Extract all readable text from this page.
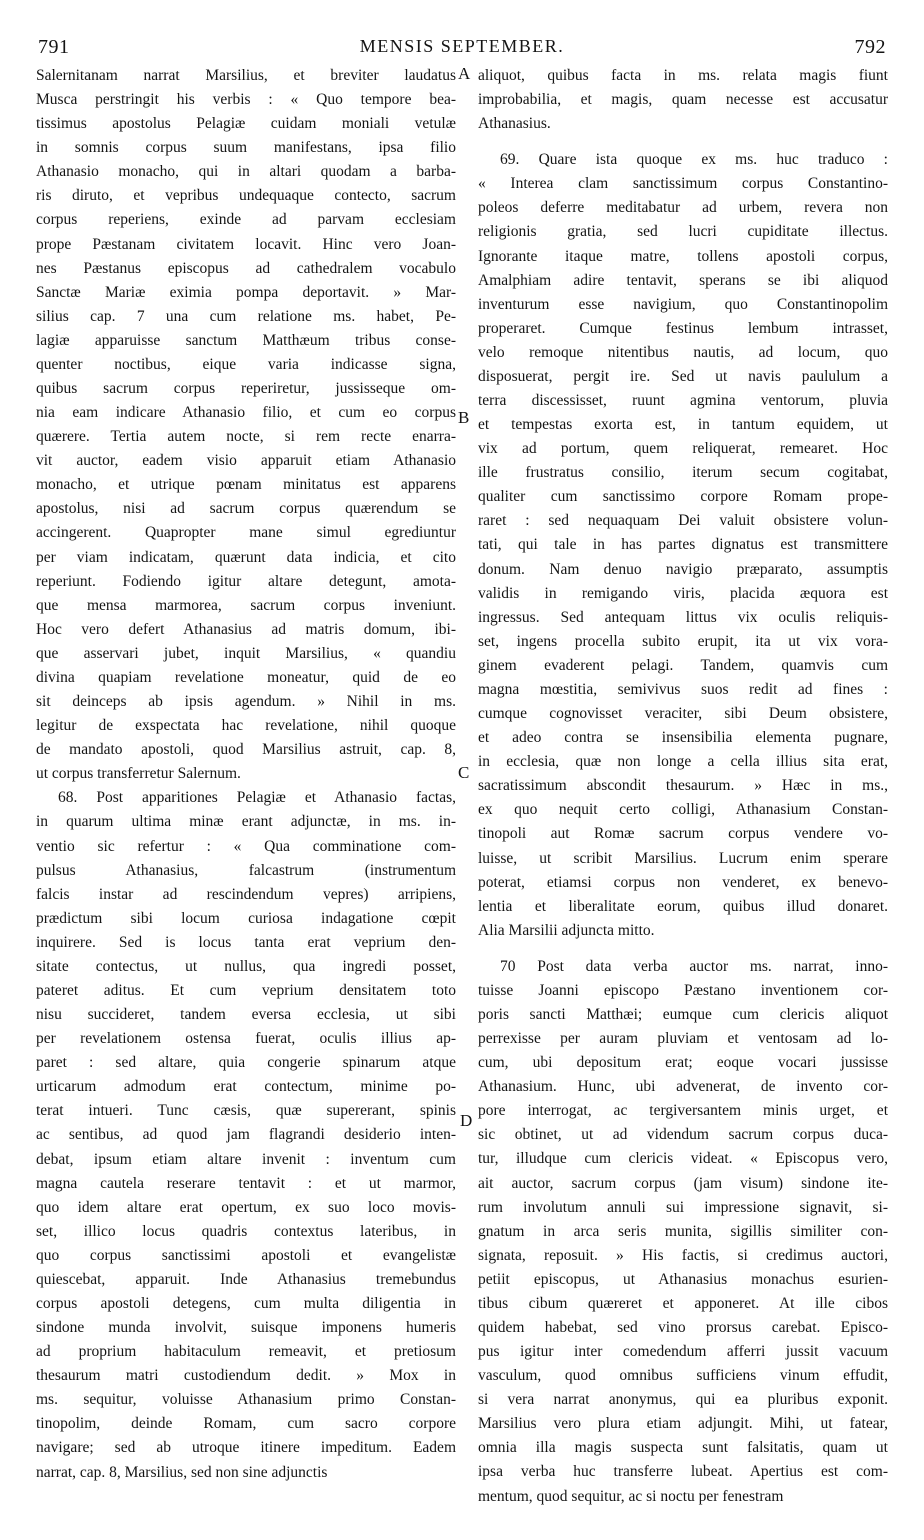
791	MENSIS SEPTEMBER.	792
A
B
C
D
Salernitanam narrat Marsilius, et breviter laudatus
Musca perstringit his verbis : « Quo tempore bea-
tissimus apostolus Pelagiæ cuidam moniali vetulæ
in somnis corpus suum manifestans, ipsa filio
Athanasio monacho, qui in altari quodam a barba-
ris diruto, et vepribus undequaque contecto, sacrum
corpus reperiens, exinde ad parvam ecclesiam
prope Pæstanam civitatem locavit. Hinc vero Joan-
nes Pæstanus episcopus ad cathedralem vocabulo
Sanctæ Mariæ eximia pompa deportavit. » Mar-
silius cap. 7 una cum relatione ms. habet, Pe-
lagiæ apparuisse sanctum Matthæum tribus conse-
quenter noctibus, eique varia indicasse signa,
quibus sacrum corpus reperiretur, jussisseque om-
nia eam indicare Athanasio filio, et cum eo corpus
quærere. Tertia autem nocte, si rem recte enarra-
vit auctor, eadem visio apparuit etiam Athanasio
monacho, et utrique pœnam minitatus est apparens
apostolus, nisi ad sacrum corpus quærendum se
accingerent. Quapropter mane simul egrediuntur
per viam indicatam, quærunt data indicia, et cito
reperiunt. Fodiendo igitur altare detegunt, amota-
que mensa marmorea, sacrum corpus inveniunt.
Hoc vero defert Athanasius ad matris domum, ibi-
que asservari jubet, inquit Marsilius, « quandiu
divina quapiam revelatione moneatur, quid de eo
sit deinceps ab ipsis agendum. » Nihil in ms.
legitur de exspectata hac revelatione, nihil quoque
de mandato apostoli, quod Marsilius astruit, cap. 8,
ut corpus transferretur Salernum.
68. Post apparitiones Pelagiæ et Athanasio factas,
in quarum ultima minæ erant adjunctæ, in ms. in-
ventio sic refertur : « Qua comminatione com-
pulsus Athanasius, falcastrum (instrumentum
falcis instar ad rescindendum vepres) arripiens,
prædictum sibi locum curiosa indagatione cœpit
inquirere. Sed is locus tanta erat veprium den-
sitate contectus, ut nullus, qua ingredi posset,
pateret aditus. Et cum veprium densitatem toto
nisu succideret, tandem eversa ecclesia, ut sibi
per revelationem ostensa fuerat, oculis illius ap-
paret : sed altare, quia congerie spinarum atque
urticarum admodum erat contectum, minime po-
terat intueri. Tunc cæsis, quæ supererant, spinis
ac sentibus, ad quod jam flagrandi desiderio inten-
debat, ipsum etiam altare invenit : inventum cum
magna cautela reserare tentavit : et ut marmor,
quo idem altare erat opertum, ex suo loco movis-
set, illico locus quadris contextus lateribus, in
quo corpus sanctissimi apostoli et evangelistæ
quiescebat, apparuit. Inde Athanasius tremebundus
corpus apostoli detegens, cum multa diligentia in
sindone munda involvit, suisque imponens humeris
ad proprium habitaculum remeavit, et pretiosum
thesaurum matri custodiendum dedit. » Mox in
ms. sequitur, voluisse Athanasium primo Constan-
tinopolim, deinde Romam, cum sacro corpore
navigare; sed ab utroque itinere impeditum. Eadem
narrat, cap. 8, Marsilius, sed non sine adjunctis
aliquot, quibus facta in ms. relata magis fiunt
improbabilia, et magis, quam necesse est accusatur
Athanasius.
69. Quare ista quoque ex ms. huc traduco :
« Interea clam sanctissimum corpus Constantino-
poleos deferre meditabatur ad urbem, revera non
religionis gratia, sed lucri cupiditate illectus.
Ignorante itaque matre, tollens apostoli corpus,
Amalphiam adire tentavit, sperans se ibi aliquod
inventurum esse navigium, quo Constantinopolim
properaret. Cumque festinus lembum intrasset,
velo remoque nitentibus nautis, ad locum, quo
disposuerat, pergit ire. Sed ut navis paululum a
terra discessisset, ruunt agmina ventorum, pluvia
et tempestas exorta est, in tantum equidem, ut
vix ad portum, quem reliquerat, remearet. Hoc
ille frustratus consilio, iterum secum cogitabat,
qualiter cum sanctissimo corpore Romam prope-
raret : sed nequaquam Dei valuit obsistere volun-
tati, qui tale in has partes dignatus est transmittere
donum. Nam denuo navigio præparato, assumptis
validis in remigando viris, placida æquora est
ingressus. Sed antequam littus vix oculis reliquis-
set, ingens procella subito erupit, ita ut vix vora-
ginem evaderent pelagi. Tandem, quamvis cum
magna mœstitia, semivivus suos redit ad fines :
cumque cognovisset veraciter, sibi Deum obsistere,
et adeo contra se insensibilia elementa pugnare,
in ecclesia, quæ non longe a cella illius sita erat,
sacratissimum abscondit thesaurum. » Hæc in ms.,
ex quo nequit certo colligi, Athanasium Constan-
tinopoli aut Romæ sacrum corpus vendere vo-
luisse, ut scribit Marsilius. Lucrum enim sperare
poterat, etiamsi corpus non venderet, ex benevo-
lentia et liberalitate eorum, quibus illud donaret.
Alia Marsilii adjuncta mitto.
70 Post data verba auctor ms. narrat, inno-
tuisse Joanni episcopo Pæstano inventionem cor-
poris sancti Matthæi; eumque cum clericis aliquot
perrexisse per auram pluviam et ventosam ad lo-
cum, ubi depositum erat; eoque vocari jussisse
Athanasium. Hunc, ubi advenerat, de invento cor-
pore interrogat, ac tergiversantem minis urget, et
sic obtinet, ut ad videndum sacrum corpus duca-
tur, illudque cum clericis videat. « Episcopus vero,
ait auctor, sacrum corpus (jam visum) sindone ite-
rum involutum annuli sui impressione signavit, si-
gnatum in arca seris munita, sigillis similiter con-
signata, reposuit. » His factis, si credimus auctori,
petiit episcopus, ut Athanasius monachus esurien-
tibus cibum quæreret et apponeret. At ille cibos
quidem habebat, sed vino prorsus carebat. Episco-
pus igitur inter comedendum afferri jussit vacuum
vasculum, quod omnibus sufficiens vinum effudit,
si vera narrat anonymus, qui ea pluribus exponit.
Marsilius vero plura etiam adjungit. Mihi, ut fatear,
omnia illa magis suspecta sunt falsitatis, quam ut
ipsa verba huc transferre lubeat. Apertius est com-
mentum, quod sequitur, ac si noctu per fenestram
